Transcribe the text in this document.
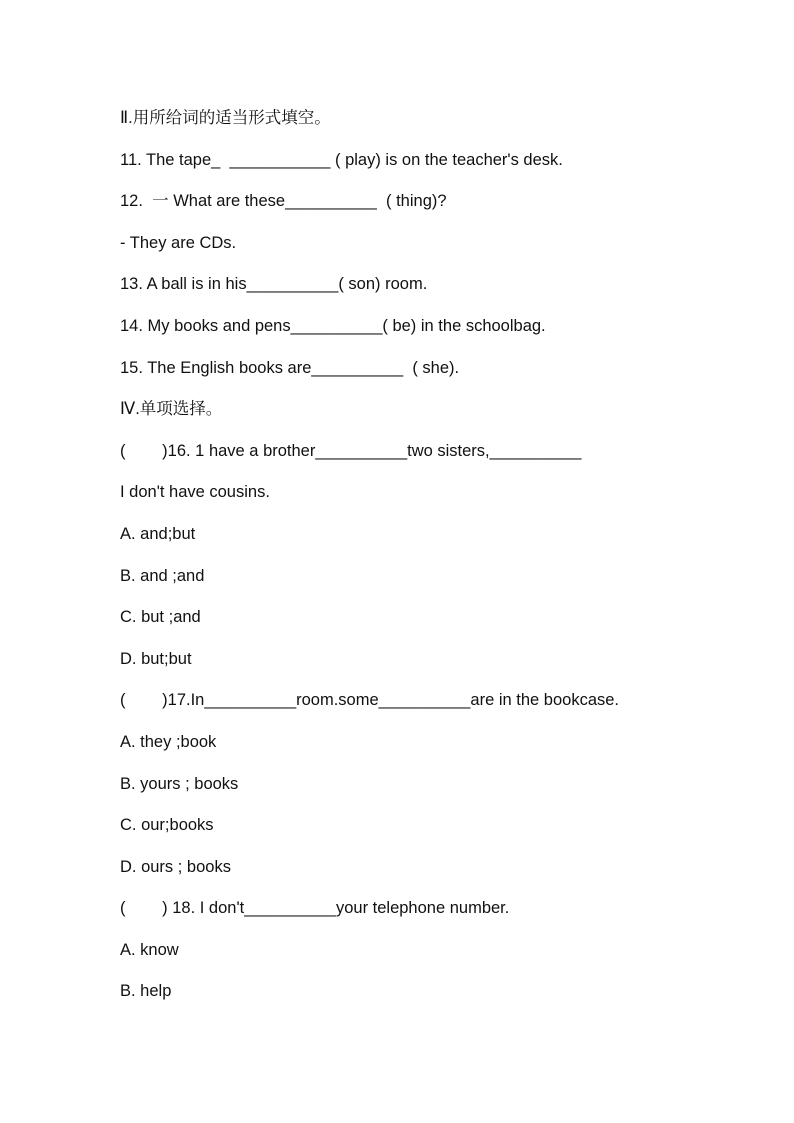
Ⅱ.用所给词的适当形式填空。
11. The tape_  ___________ ( play) is on the teacher's desk.
12.  一 What are these__________  ( thing)?
- They are CDs.
13. A ball is in his__________( son) room.
14. My books and pens__________( be) in the schoolbag.
15. The English books are__________  ( she).
Ⅳ.单项选择。
(        )16. 1 have a brother__________two sisters,__________
I don't have cousins.
A. and;but
B. and ;and
C. but ;and
D. but;but
(        )17.In__________room.some__________are in the bookcase.
A. they ;book
B. yours ; books
C. our;books
D. ours ; books
(        ) 18. I don't__________your telephone number.
A. know
B. help
